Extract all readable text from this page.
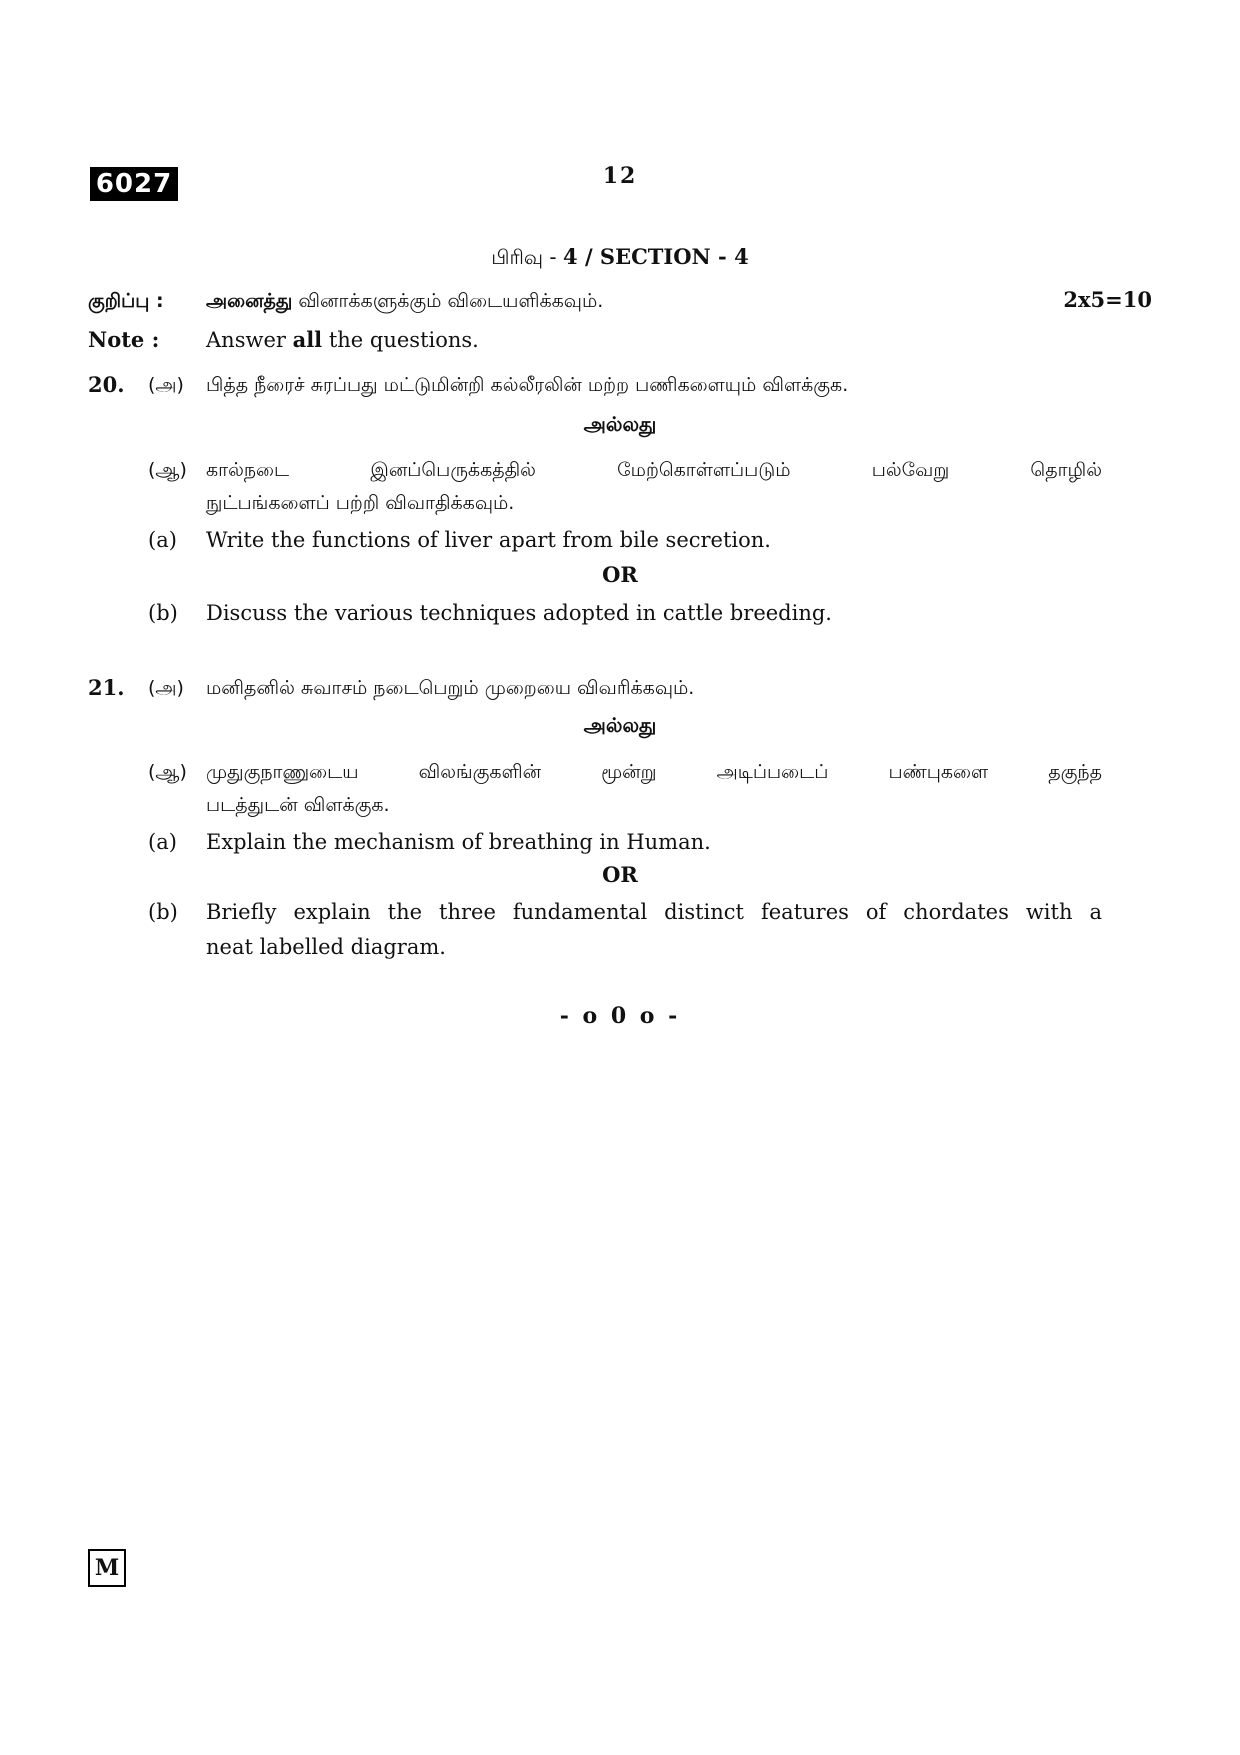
6027	12
பிரிவு - 4 / SECTION - 4
குறிப்பு : அனைத்து வினாக்களுக்கும் விடையளிக்கவும்.	2x5=10
Note : Answer all the questions.
20. (அ) பித்த நீரைச் சுரப்பது மட்டுமின்றி கல்லீரலின் மற்ற பணிகளையும் விளக்குக.
அல்லது
(ஆ) கால்நடை இனப்பெருக்கத்தில் மேற்கொள்ளப்படும் பல்வேறு தொழில்
நுட்பங்களைப் பற்றி விவாதிக்கவும்.
(a) Write the functions of liver apart from bile secretion.
OR
(b) Discuss the various techniques adopted in cattle breeding.
21. (அ) மனிதனில் சுவாசம் நடைபெறும் முறையை விவரிக்கவும்.
அல்லது
(ஆ) முதுகுநாணுடைய விலங்குகளின் மூன்று அடிப்படைப் பண்புகளை தகுந்த
படத்துடன் விளக்குக.
(a) Explain the mechanism of breathing in Human.
OR
(b) Briefly explain the three fundamental distinct features of chordates with a
neat labelled diagram.
- o 0 o -
M
